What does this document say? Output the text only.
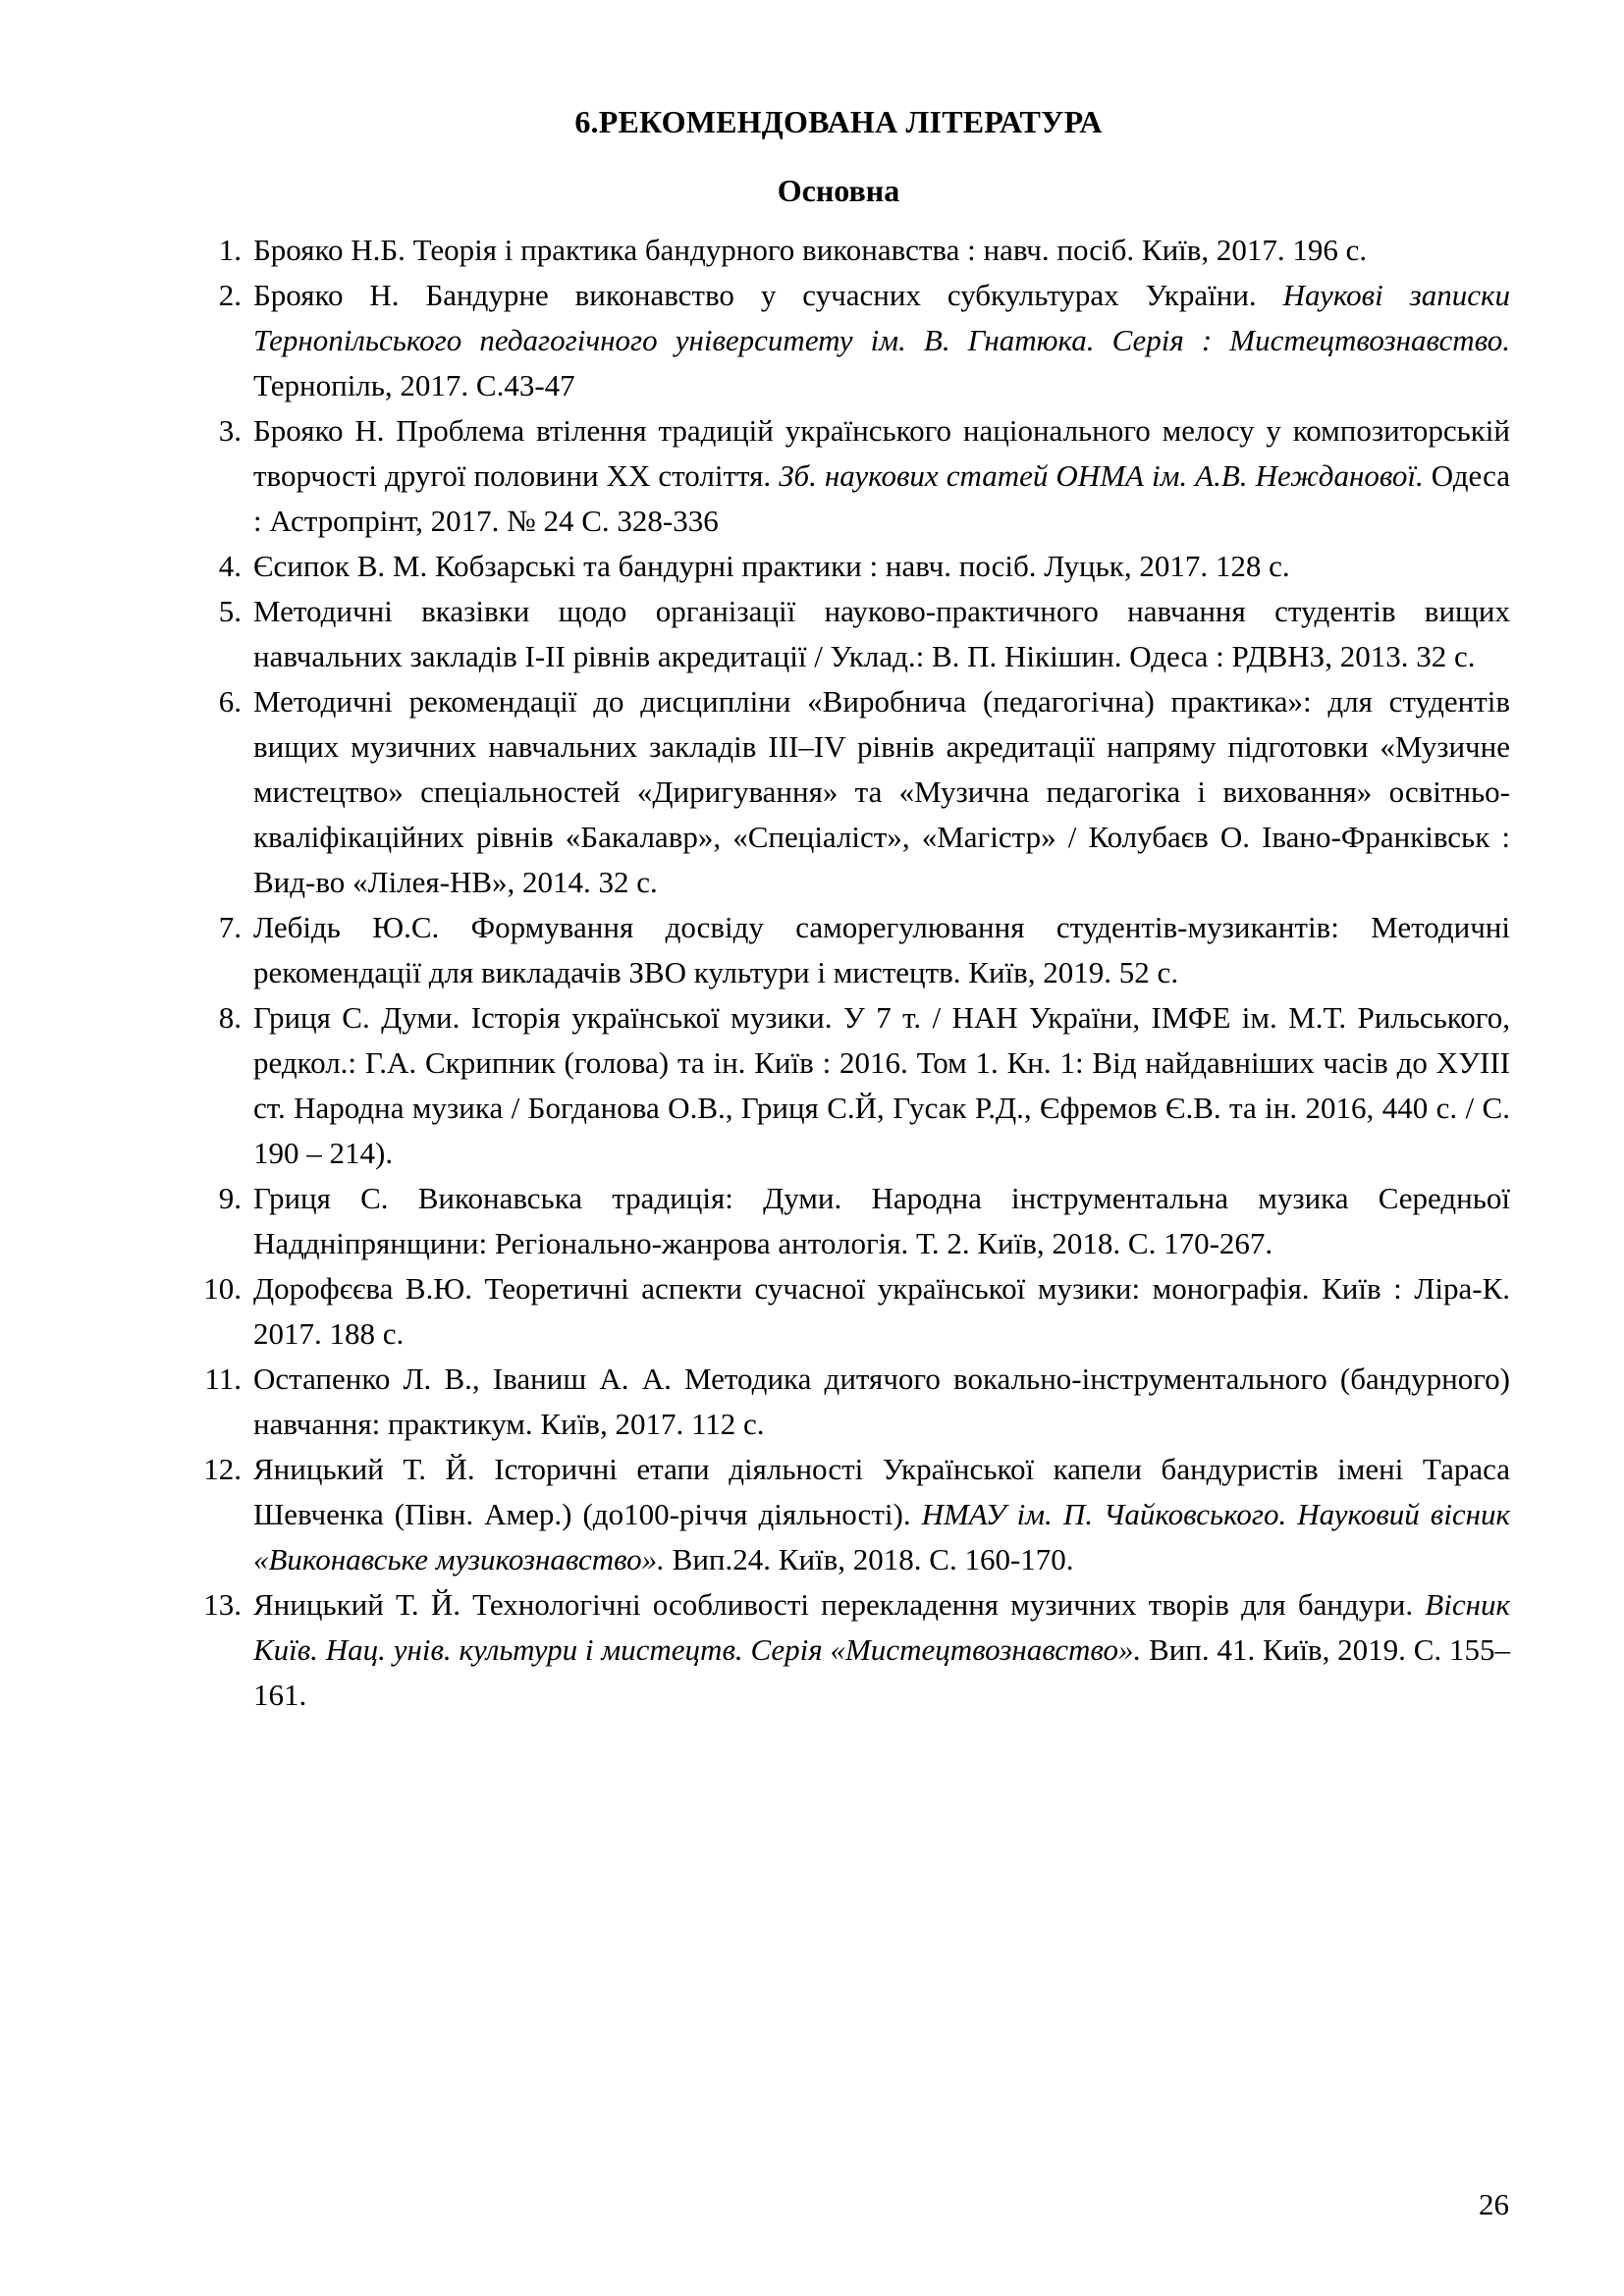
6.РЕКОМЕНДОВАНА ЛІТЕРАТУРА
Основна
1. Брояко Н.Б. Теорія і практика бандурного виконавства : навч. посіб. Київ, 2017. 196 с.
2. Брояко Н. Бандурне виконавство у сучасних субкультурах України. Наукові записки Тернопільського педагогічного університету ім. В. Гнатюка. Серія : Мистецтвознавство. Тернопіль, 2017. С.43-47
3. Брояко Н. Проблема втілення традицій українського національного мелосу у композиторській творчості другої половини ХХ століття. Зб. наукових статей ОНМА ім. А.В. Нежданової. Одеса : Астропрінт, 2017. № 24 С. 328-336
4. Єсипок В. М. Кобзарські та бандурні практики : навч. посіб. Луцьк, 2017. 128 с.
5. Методичні вказівки щодо організації науково-практичного навчання студентів вищих навчальних закладів І-ІІ рівнів акредитації / Уклад.: В. П. Нікішин. Одеса : РДВНЗ, 2013. 32 с.
6. Методичні рекомендації до дисципліни «Виробнича (педагогічна) практика»: для студентів вищих музичних навчальних закладів ІІІ–ІV рівнів акредитації напряму підготовки «Музичне мистецтво» спеціальностей «Диригування» та «Музична педагогіка і виховання» освітньо-кваліфікаційних рівнів «Бакалавр», «Спеціаліст», «Магістр» / Колубаєв О. Івано-Франківськ : Вид-во «Лілея-НВ», 2014. 32 с.
7. Лебідь Ю.С. Формування досвіду саморегулювання студентів-музикантів: Методичні рекомендації для викладачів ЗВО культури і мистецтв. Київ, 2019. 52 с.
8. Гриця С. Думи. Історія української музики. У 7 т. / НАН України, ІМФЕ ім. М.Т. Рильського, редкол.: Г.А. Скрипник (голова) та ін. Київ : 2016. Том 1. Кн. 1: Від найдавніших часів до ХУІІІ ст. Народна музика / Богданова О.В., Гриця С.Й, Гусак Р.Д., Єфремов Є.В. та ін. 2016, 440 с. / С. 190 – 214).
9. Гриця С. Виконавська традиція: Думи. Народна інструментальна музика Середньої Наддніпрянщини: Регіонально-жанрова антологія. Т. 2. Київ, 2018. С. 170-267.
10. Дорофєєва В.Ю. Теоретичні аспекти сучасної української музики: монографія. Київ : Ліра-К. 2017. 188 с.
11. Остапенко Л. В., Іваниш А. А. Методика дитячого вокально-інструментального (бандурного) навчання: практикум. Київ, 2017. 112 с.
12. Яницький Т. Й. Історичні етапи діяльності Української капели бандуристів імені Тараса Шевченка (Півн. Амер.) (до100-річчя діяльності). НМАУ ім. П. Чайковського. Науковий вісник «Виконавське музикознавство». Вип.24. Київ, 2018. С. 160-170.
13. Яницький Т. Й. Технологічні особливості перекладення музичних творів для бандури. Вісник Київ. Нац. унів. культури і мистецтв. Серія «Мистецтвознавство». Вип. 41. Київ, 2019. С. 155–161.
26
